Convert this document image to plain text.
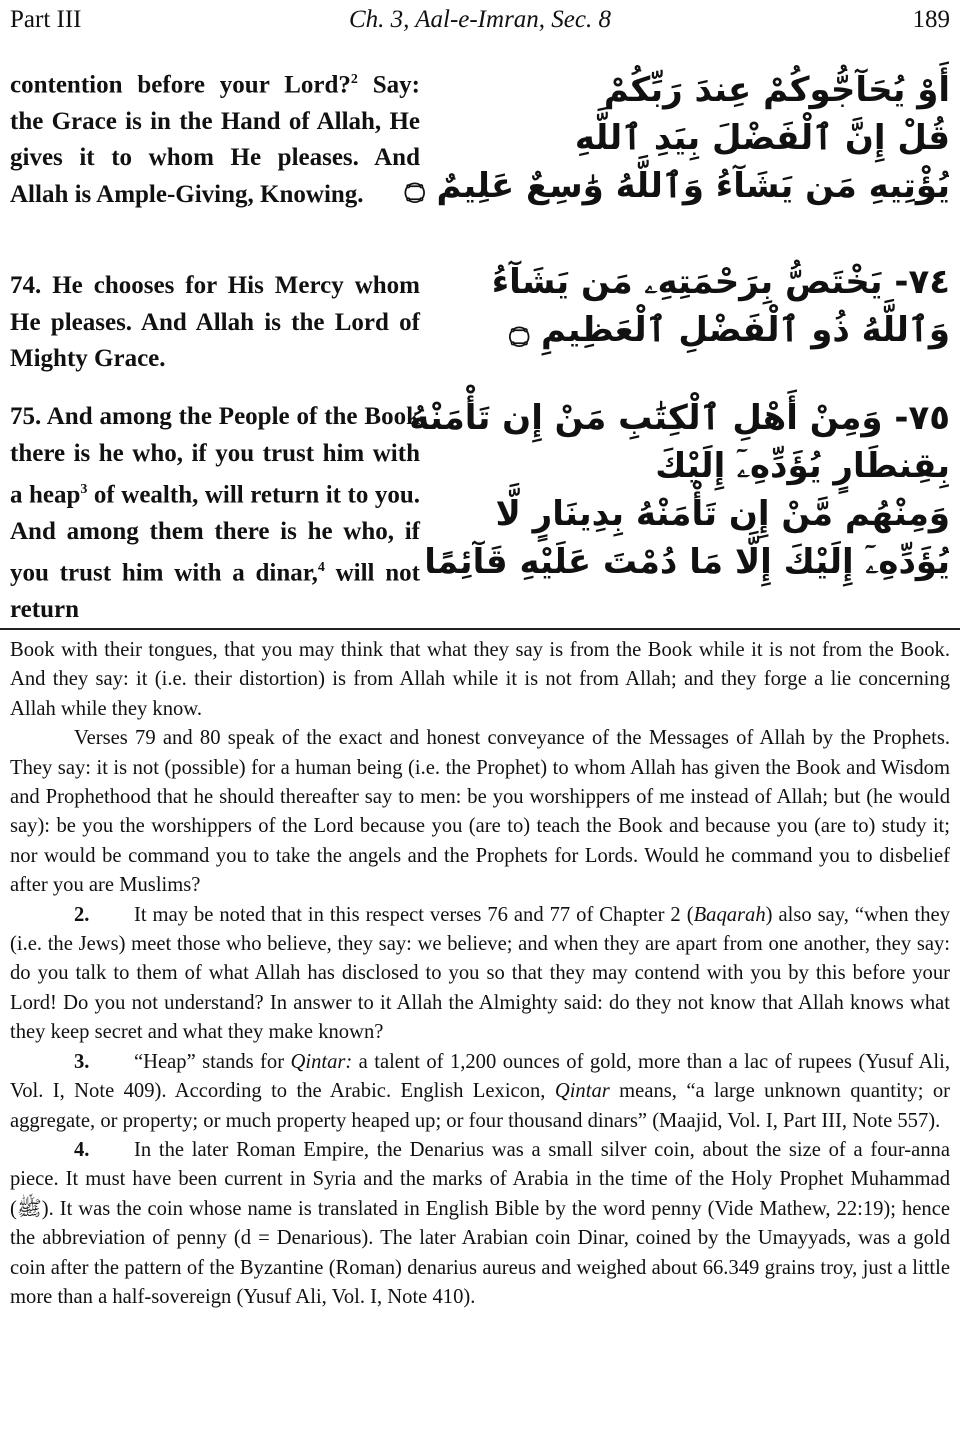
Part III	Ch. 3, Aal-e-Imran, Sec. 8	189
contention before your Lord?$^2$ Say: the Grace is in the Hand of Allah, He gives it to whom He pleases. And Allah is Ample-Giving, Knowing.
أَوْ يُحَآجُّوكُمْ عِندَ رَبِّكُمْ
قُلْ إِنَّ ٱلْفَضْلَ بِيَدِ ٱللَّهِ
يُؤْتِيهِ مَن يَشَآءُ وَٱللَّهُ وَٰسِعٌ عَلِيمٌ ۝
74. He chooses for His Mercy whom He pleases. And Allah is the Lord of Mighty Grace.
٧٤- يَخْتَصُّ بِرَحْمَتِهِۦ مَن يَشَآءُ
وَٱللَّهُ ذُو ٱلْفَضْلِ ٱلْعَظِيمِ ۝
75. And among the People of the Book there is he who, if you trust him with a heap$^3$ of wealth, will return it to you. And among them there is he who, if you trust him with a dinar,$^4$ will not return
٧٥- وَمِنْ أَهْلِ ٱلْكِتَٰبِ مَنْ إِن تَأْمَنْهُ
بِقِنطَارٍ يُؤَدِّهِۦٓ إِلَيْكَ
وَمِنْهُم مَّنْ إِن تَأْمَنْهُ بِدِينَارٍ لَّا
يُؤَدِّهِۦٓ إِلَيْكَ إِلَّا مَا دُمْتَ عَلَيْهِ قَآئِمًا

Book with their tongues, that you may think that what they say is from the Book while it is not from the Book. And they say: it (i.e. their distortion) is from Allah while it is not from Allah; and they forge a lie concerning Allah while they know.

Verses 79 and 80 speak of the exact and honest conveyance of the Messages of Allah by the Prophets. They say: it is not (possible) for a human being (i.e. the Prophet) to whom Allah has given the Book and Wisdom and Prophethood that he should thereafter say to men: be you worshippers of me instead of Allah; but (he would say): be you the worshippers of the Lord because you (are to) teach the Book and because you (are to) study it; nor would be command you to take the angels and the Prophets for Lords. Would he command you to disbelief after you are Muslims?

2. It may be noted that in this respect verses 76 and 77 of Chapter 2 (Baqarah) also say, “when they (i.e. the Jews) meet those who believe, they say: we believe; and when they are apart from one another, they say: do you talk to them of what Allah has disclosed to you so that they may contend with you by this before your Lord! Do you not understand? In answer to it Allah the Almighty said: do they not know that Allah knows what they keep secret and what they make known?

3. “Heap” stands for Qintar: a talent of 1,200 ounces of gold, more than a lac of rupees (Yusuf Ali, Vol. I, Note 409). According to the Arabic. English Lexicon, Qintar means, “a large unknown quantity; or aggregate, or property; or much property heaped up; or four thousand dinars” (Maajid, Vol. I, Part III, Note 557).

4. In the later Roman Empire, the Denarius was a small silver coin, about the size of a four-anna piece. It must have been current in Syria and the marks of Arabia in the time of the Holy Prophet Muhammad (ﷺ). It was the coin whose name is translated in English Bible by the word penny (Vide Mathew, 22:19); hence the abbreviation of penny (d = Denarious). The later Arabian coin Dinar, coined by the Umayyads, was a gold coin after the pattern of the Byzantine (Roman) denarius aureus and weighed about 66.349 grains troy, just a little more than a half-sovereign (Yusuf Ali, Vol. I, Note 410).
